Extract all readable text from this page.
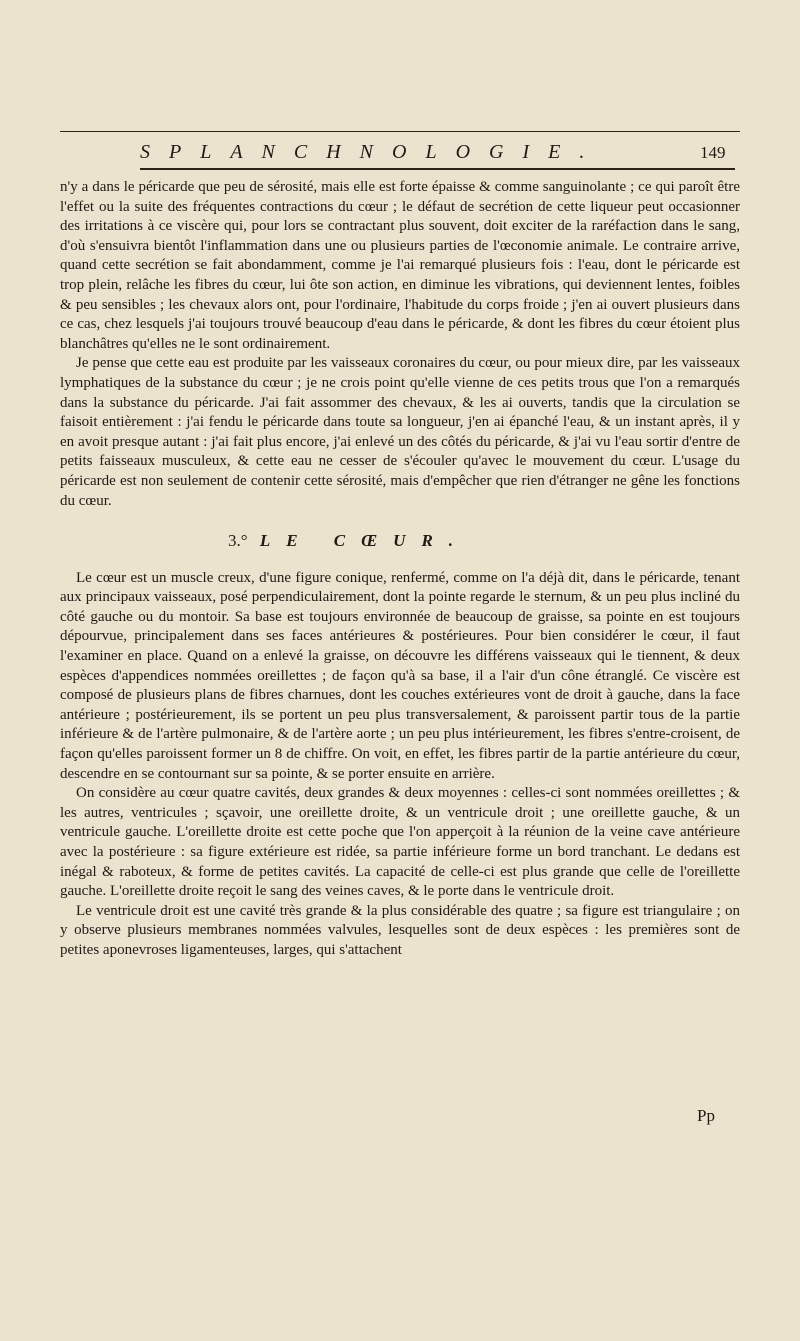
SPLANCHNOLOGIE.	149

n'y a dans le péricarde que peu de sérosité, mais elle est forte épaisse & comme sanguinolante ; ce qui paroît être l'effet ou la suite des fréquentes contractions du cœur ; le défaut de secrétion de cette liqueur peut occasionner des irritations à ce viscère qui, pour lors se contractant plus souvent, doit exciter de la raréfaction dans le sang, d'où s'ensuivra bientôt l'inflammation dans une ou plusieurs parties de l'œconomie animale. Le contraire arrive, quand cette secrétion se fait abondamment, comme je l'ai remarqué plusieurs fois : l'eau, dont le péricarde est trop plein, relâche les fibres du cœur, lui ôte son action, en diminue les vibrations, qui deviennent lentes, foibles & peu sensibles ; les chevaux alors ont, pour l'ordinaire, l'habitude du corps froide ; j'en ai ouvert plusieurs dans ce cas, chez lesquels j'ai toujours trouvé beaucoup d'eau dans le péricarde, & dont les fibres du cœur étoient plus blanchâtres qu'elles ne le sont ordinairement.

Je pense que cette eau est produite par les vaisseaux coronaires du cœur, ou pour mieux dire, par les vaisseaux lymphatiques de la substance du cœur ; je ne crois point qu'elle vienne de ces petits trous que l'on a remarqués dans la substance du péricarde. J'ai fait assommer des chevaux, & les ai ouverts, tandis que la circulation se faisoit entièrement : j'ai fendu le péricarde dans toute sa longueur, j'en ai épanché l'eau, & un instant après, il y en avoit presque autant : j'ai fait plus encore, j'ai enlevé un des côtés du péricarde, & j'ai vu l'eau sortir d'entre de petits faisseaux musculeux, & cette eau ne cesser de s'écouler qu'avec le mouvement du cœur. L'usage du péricarde est non seulement de contenir cette sérosité, mais d'empêcher que rien d'étranger ne gêne les fonctions du cœur.

3.° LE CŒUR.

Le cœur est un muscle creux, d'une figure conique, renfermé, comme on l'a déjà dit, dans le péricarde, tenant aux principaux vaisseaux, posé perpendiculairement, dont la pointe regarde le sternum, & un peu plus incliné du côté gauche ou du montoir. Sa base est toujours environnée de beaucoup de graisse, sa pointe en est toujours dépourvue, principalement dans ses faces antérieures & postérieures. Pour bien considérer le cœur, il faut l'examiner en place. Quand on a enlevé la graisse, on découvre les différens vaisseaux qui le tiennent, & deux espèces d'appendices nommées oreillettes ; de façon qu'à sa base, il a l'air d'un cône étranglé. Ce viscère est composé de plusieurs plans de fibres charnues, dont les couches extérieures vont de droit à gauche, dans la face antérieure ; postérieurement, ils se portent un peu plus transversalement, & paroissent partir tous de la partie inférieure & de l'artère pulmonaire, & de l'artère aorte ; un peu plus intérieurement, les fibres s'entre-croisent, de façon qu'elles paroissent former un 8 de chiffre. On voit, en effet, les fibres partir de la partie antérieure du cœur, descendre en se contournant sur sa pointe, & se porter ensuite en arrière.

On considère au cœur quatre cavités, deux grandes & deux moyennes : celles-ci sont nommées oreillettes ; & les autres, ventricules ; sçavoir, une oreillette droite, & un ventricule droit ; une oreillette gauche, & un ventricule gauche. L'oreillette droite est cette poche que l'on apperçoit à la réunion de la veine cave antérieure avec la postérieure : sa figure extérieure est ridée, sa partie inférieure forme un bord tranchant. Le dedans est inégal & raboteux, & forme de petites cavités. La capacité de celle-ci est plus grande que celle de l'oreillette gauche. L'oreillette droite reçoit le sang des veines caves, & le porte dans le ventricule droit.

Le ventricule droit est une cavité très grande & la plus considérable des quatre ; sa figure est triangulaire ; on y observe plusieurs membranes nommées valvules, lesquelles sont de deux espèces : les premières sont de petites aponevroses ligamenteuses, larges, qui s'attachent

Pp
